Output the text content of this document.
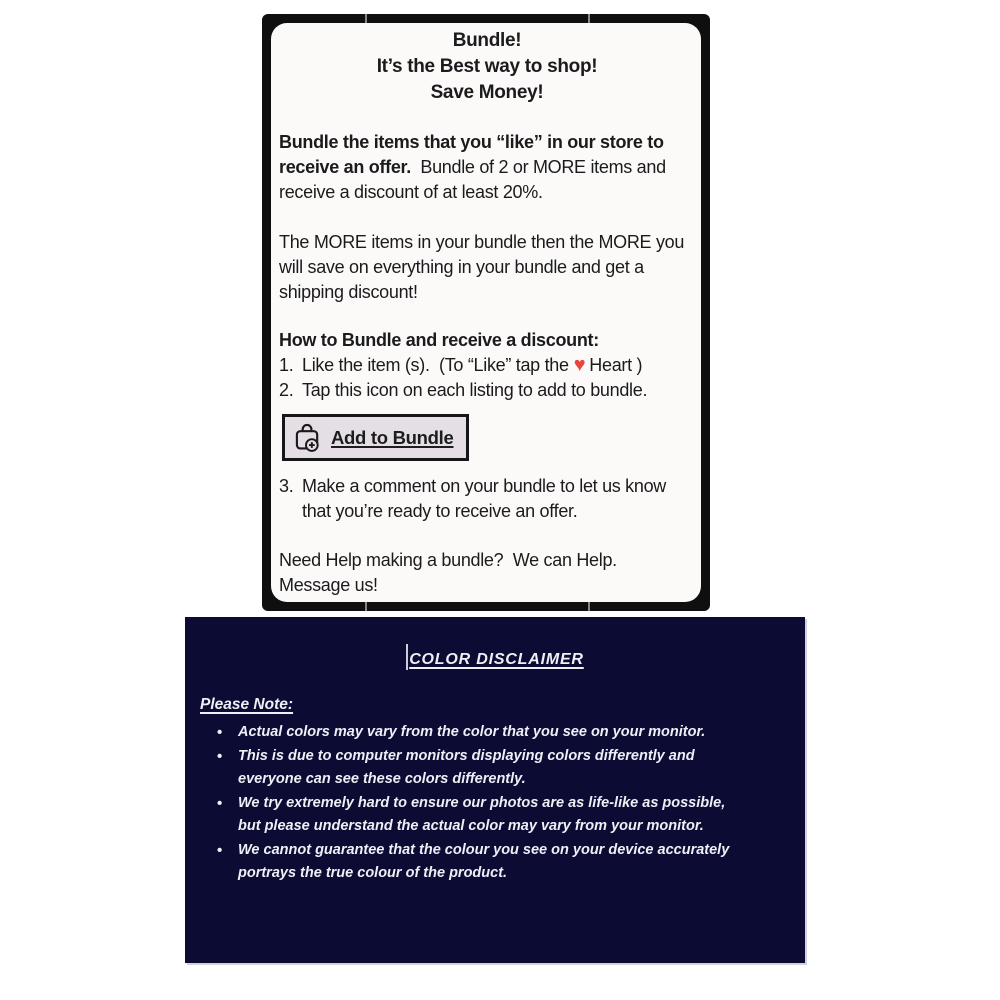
Bundle!
It’s the Best way to shop!
Save Money!
Bundle the items that you “like” in our store to
receive an offer.  Bundle of 2 or MORE items and
receive a discount of at least 20%.
The MORE items in your bundle then the MORE you
will save on everything in your bundle and get a
shipping discount!
How to Bundle and receive a discount:
1. Like the item (s).  (To “Like” tap the ♥ Heart )
2. Tap this icon on each listing to add to bundle.
Add to Bundle
3. Make a comment on your bundle to let us know
that you’re ready to receive an offer.
Need Help making a bundle?  We can Help.
Message us!
COLOR DISCLAIMER
Please Note:
•	Actual colors may vary from the color that you see on your monitor.
•	This is due to computer monitors displaying colors differently and
everyone can see these colors differently.
•	We try extremely hard to ensure our photos are as life-like as possible,
but please understand the actual color may vary from your monitor.
•	We cannot guarantee that the colour you see on your device accurately
portrays the true colour of the product.
